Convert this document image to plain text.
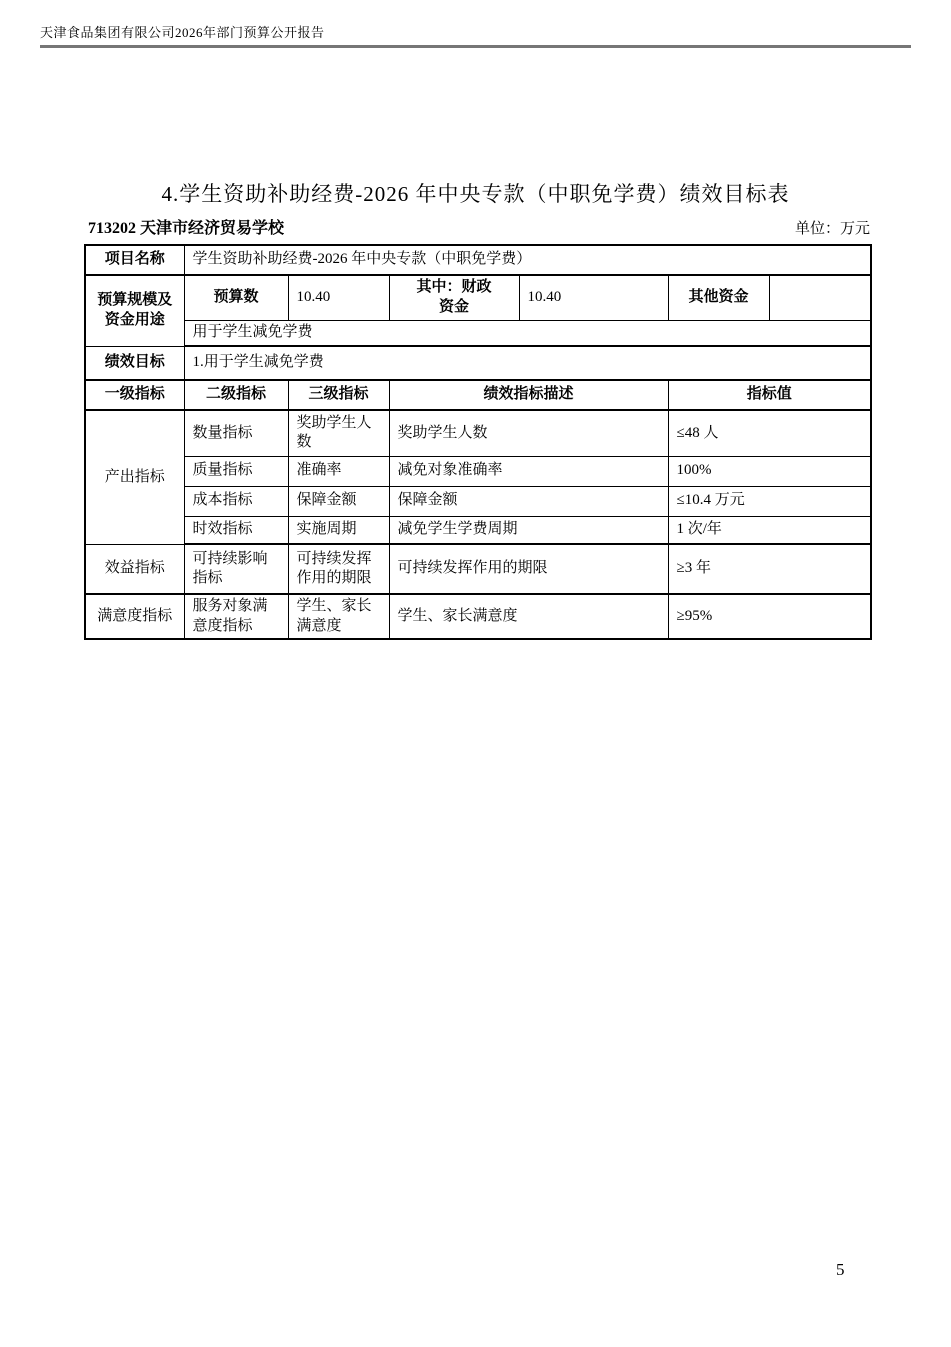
天津食品集团有限公司2026年部门预算公开报告
4.学生资助补助经费-2026 年中央专款（中职免学费）绩效目标表
713202 天津市经济贸易学校	单位：万元
项目名称	学生资助补助经费-2026 年中央专款（中职免学费）					
预算规模及资金用途	预算数	10.40	其中：财政资金	10.40	其他资金	
	用于学生减免学费					
绩效目标	1.用于学生减免学费					
一级指标	二级指标	三级指标	绩效指标描述		指标值	
产出指标	数量指标	奖助学生人数	奖助学生人数		≤48 人	
	质量指标	准确率	减免对象准确率		100%	
	成本指标	保障金额	保障金额		≤10.4 万元	
	时效指标	实施周期	减免学生学费周期		1 次/年	
效益指标	可持续影响指标	可持续发挥作用的期限	可持续发挥作用的期限		≥3 年	
满意度指标	服务对象满意度指标	学生、家长满意度	学生、家长满意度		≥95%	
5
